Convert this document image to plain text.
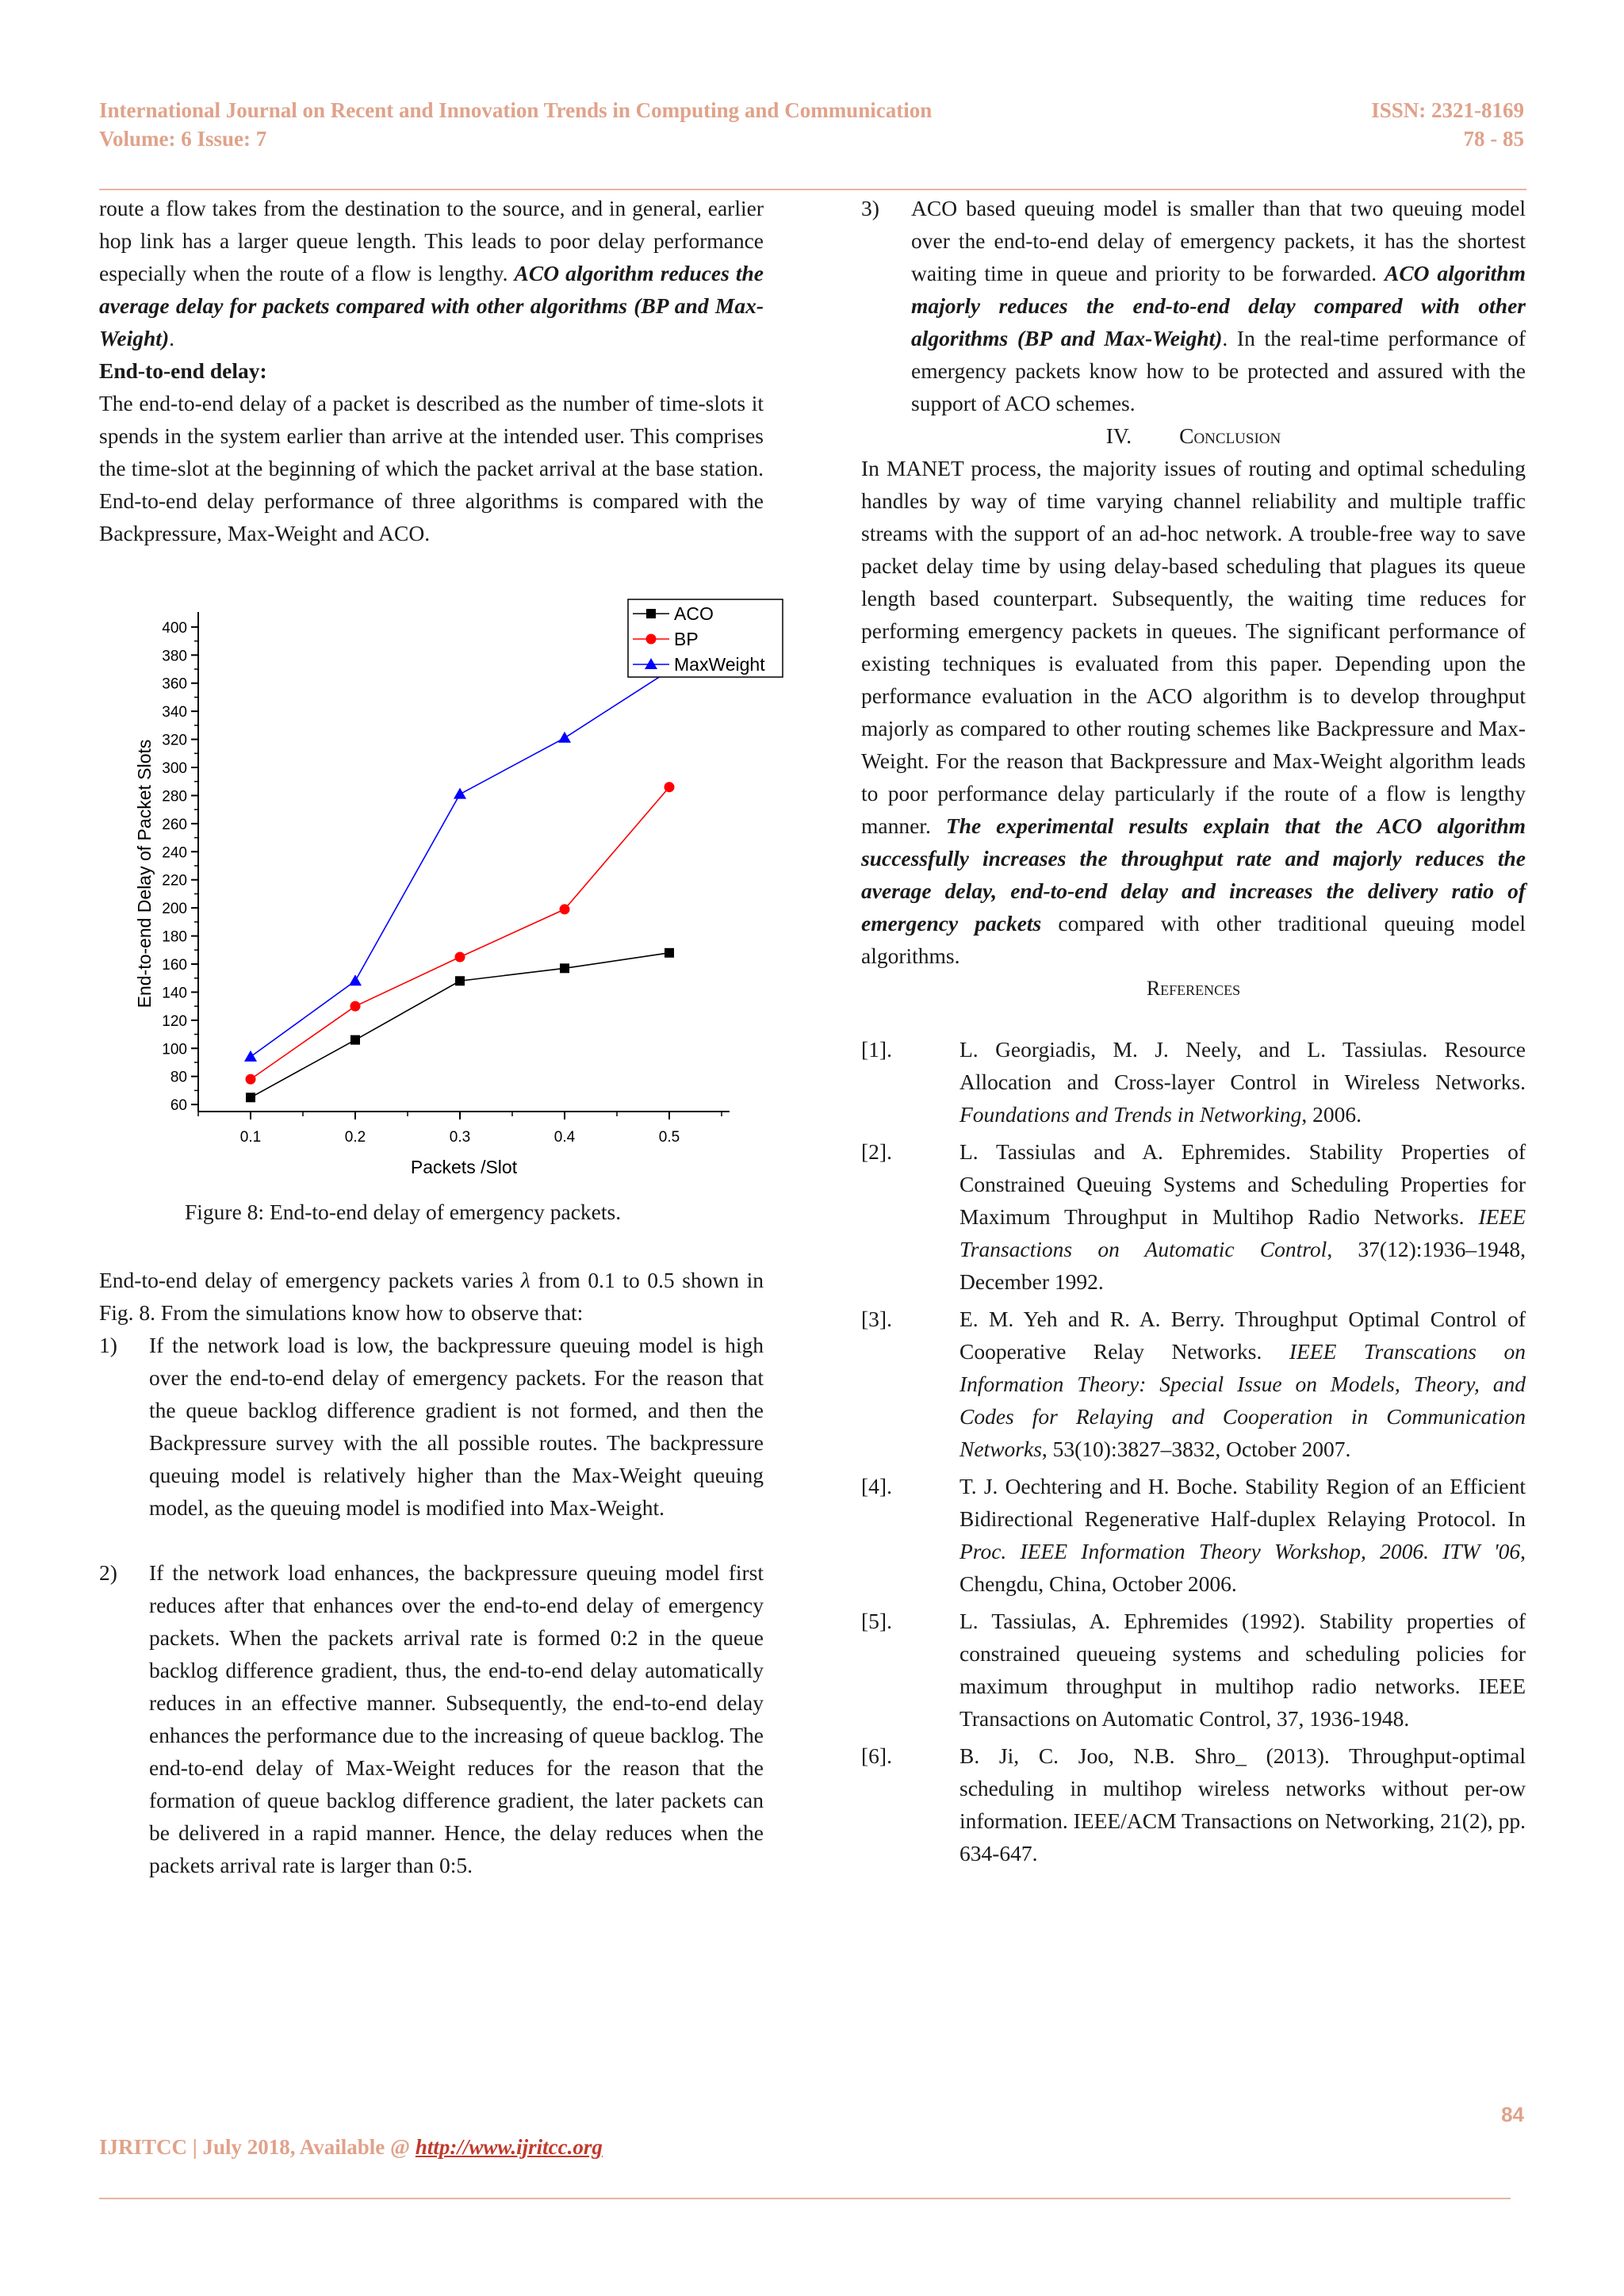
International Journal on Recent and Innovation Trends in Computing and Communication
Volume: 6 Issue: 7
ISSN: 2321-8169
78 - 85

route a flow takes from the destination to the source, and in general, earlier hop link has a larger queue length. This leads to poor delay performance especially when the route of a flow is lengthy. ACO algorithm reduces the average delay for packets compared with other algorithms (BP and Max-Weight).

End-to-end delay:

The end-to-end delay of a packet is described as the number of time-slots it spends in the system earlier than arrive at the intended user. This comprises the time-slot at the beginning of which the packet arrival at the base station. End-to-end delay performance of three algorithms is compared with the Backpressure, Max-Weight and ACO.

60
80
100
120
140
160
180
200
220
240
260
280
300
320
340
360
380
400
0.1	0.2	0.3	0.4	0.5
Packets /Slot
End-to-end Delay of Packet Slots
ACO
BP
MaxWeight
Figure 8: End-to-end delay of emergency packets.

End-to-end delay of emergency packets varies λ from 0.1 to 0.5 shown in Fig. 8. From the simulations know how to observe that:

1) If the network load is low, the backpressure queuing model is high over the end-to-end delay of emergency packets. For the reason that the queue backlog difference gradient is not formed, and then the Backpressure survey with the all possible routes. The backpressure queuing model is relatively higher than the Max-Weight queuing model, as the queuing model is modified into Max-Weight.

2) If the network load enhances, the backpressure queuing model first reduces after that enhances over the end-to-end delay of emergency packets. When the packets arrival rate is formed 0:2 in the queue backlog difference gradient, thus, the end-to-end delay automatically reduces in an effective manner. Subsequently, the end-to-end delay enhances the performance due to the increasing of queue backlog. The end-to-end delay of Max-Weight reduces for the reason that the formation of queue backlog difference gradient, the later packets can be delivered in a rapid manner. Hence, the delay reduces when the packets arrival rate is larger than 0:5.

3) ACO based queuing model is smaller than that two queuing model over the end-to-end delay of emergency packets, it has the shortest waiting time in queue and priority to be forwarded. ACO algorithm majorly reduces the end-to-end delay compared with other algorithms (BP and Max-Weight). In the real-time performance of emergency packets know how to be protected and assured with the support of ACO schemes.

IV. Conclusion

In MANET process, the majority issues of routing and optimal scheduling handles by way of time varying channel reliability and multiple traffic streams with the support of an ad-hoc network. A trouble-free way to save packet delay time by using delay-based scheduling that plagues its queue length based counterpart. Subsequently, the waiting time reduces for performing emergency packets in queues. The significant performance of existing techniques is evaluated from this paper. Depending upon the performance evaluation in the ACO algorithm is to develop throughput majorly as compared to other routing schemes like Backpressure and Max-Weight. For the reason that Backpressure and Max-Weight algorithm leads to poor performance delay particularly if the route of a flow is lengthy manner. The experimental results explain that the ACO algorithm successfully increases the throughput rate and majorly reduces the average delay, end-to-end delay and increases the delivery ratio of emergency packets compared with other traditional queuing model algorithms.

References

[1].	L. Georgiadis, M. J. Neely, and L. Tassiulas. Resource Allocation and Cross-layer Control in Wireless Networks. Foundations and Trends in Networking, 2006.

[2].	L. Tassiulas and A. Ephremides. Stability Properties of Constrained Queuing Systems and Scheduling Properties for Maximum Throughput in Multihop Radio Networks. IEEE Transactions on Automatic Control, 37(12):1936–1948, December 1992.

[3].	E. M. Yeh and R. A. Berry. Throughput Optimal Control of Cooperative Relay Networks. IEEE Transcations on Information Theory: Special Issue on Models, Theory, and Codes for Relaying and Cooperation in Communication Networks, 53(10):3827–3832, October 2007.

[4].	T. J. Oechtering and H. Boche. Stability Region of an Efficient Bidirectional Regenerative Half-duplex Relaying Protocol. In Proc. IEEE Information Theory Workshop, 2006. ITW '06, Chengdu, China, October 2006.

[5].	L. Tassiulas, A. Ephremides (1992). Stability properties of constrained queueing systems and scheduling policies for maximum throughput in multihop radio networks. IEEE Transactions on Automatic Control, 37, 1936-1948.

[6].	B. Ji, C. Joo, N.B. Shro_ (2013). Throughput-optimal scheduling in multihop wireless networks without per-ow information. IEEE/ACM Transactions on Networking, 21(2), pp. 634-647.

84
IJRITCC | July 2018, Available @ http://www.ijritcc.org
